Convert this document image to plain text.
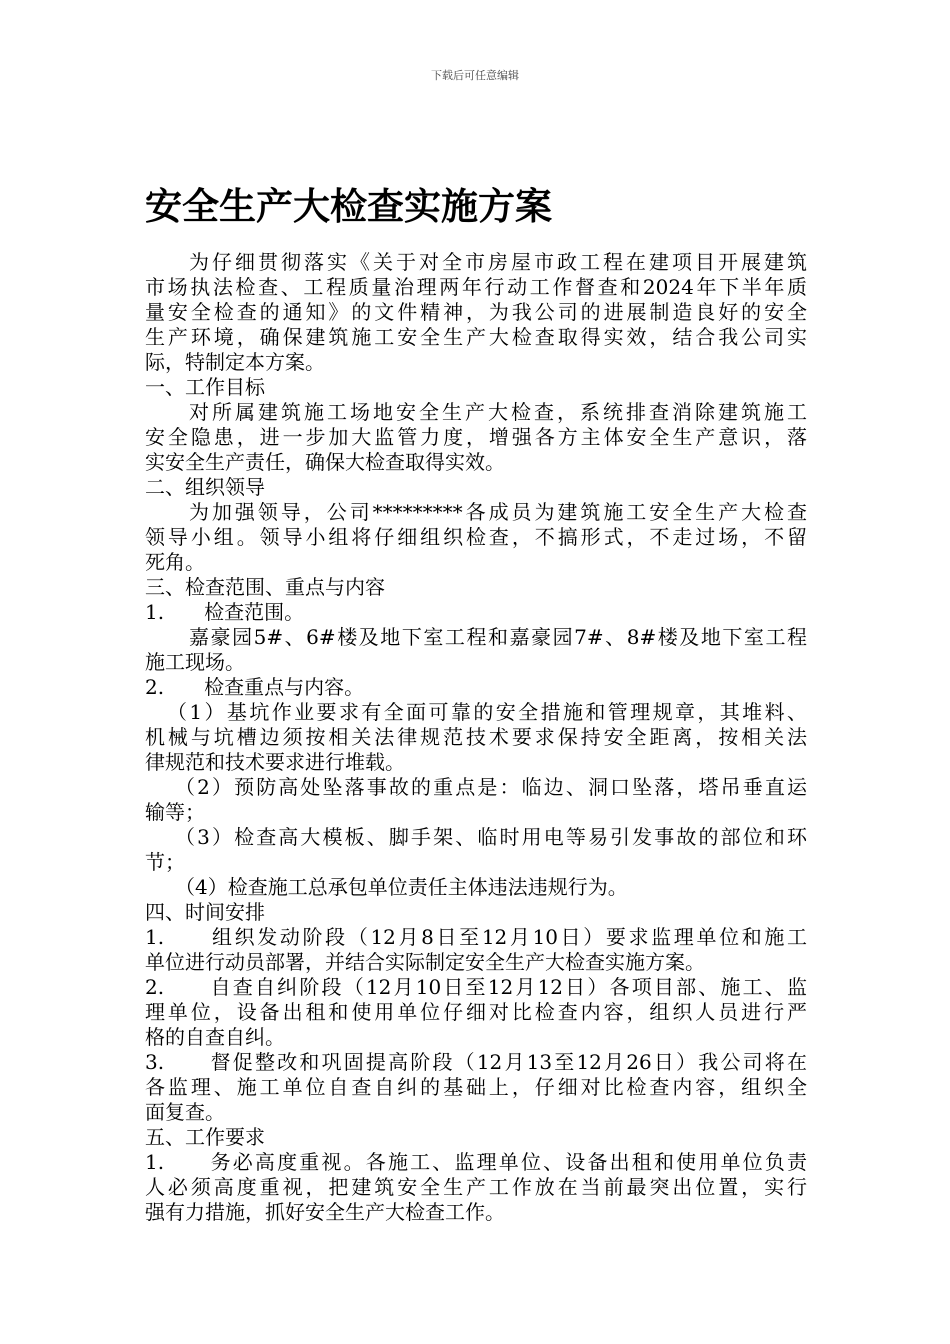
下载后可任意编辑
安全生产大检查实施方案
为仔细贯彻落实《关于对全市房屋市政工程在建项目开展建筑
市场执法检查、工程质量治理两年行动工作督查和2024年下半年质
量安全检查的通知》的文件精神，为我公司的进展制造良好的安全
生产环境，确保建筑施工安全生产大检查取得实效，结合我公司实
际，特制定本方案。
一、工作目标
对所属建筑施工场地安全生产大检查，系统排查消除建筑施工
安全隐患，进一步加大监管力度，增强各方主体安全生产意识，落
实安全生产责任，确保大检查取得实效。
二、组织领导
为加强领导，公司*********各成员为建筑施工安全生产大检查
领导小组。领导小组将仔细组织检查，不搞形式，不走过场，不留
死角。
三、检查范围、重点与内容
1.　　检查范围。
嘉豪园5#、6#楼及地下室工程和嘉豪园7#、8#楼及地下室工程
施工现场。
2.　　检查重点与内容。
（1）基坑作业要求有全面可靠的安全措施和管理规章，其堆料、
机械与坑槽边须按相关法律规范技术要求保持安全距离，按相关法
律规范和技术要求进行堆载。
（2）预防高处坠落事故的重点是：临边、洞口坠落，塔吊垂直运
输等；
（3）检查高大模板、脚手架、临时用电等易引发事故的部位和环
节；
（4）检查施工总承包单位责任主体违法违规行为。
四、时间安排
1.　　组织发动阶段（12月8日至12月10日）要求监理单位和施工
单位进行动员部署，并结合实际制定安全生产大检查实施方案。
2.　　自查自纠阶段（12月10日至12月12日）各项目部、施工、监
理单位，设备出租和使用单位仔细对比检查内容，组织人员进行严
格的自查自纠。
3.　　督促整改和巩固提高阶段（12月13至12月26日）我公司将在
各监理、施工单位自查自纠的基础上，仔细对比检查内容，组织全
面复查。
五、工作要求
1.　　务必高度重视。各施工、监理单位、设备出租和使用单位负责
人必须高度重视，把建筑安全生产工作放在当前最突出位置，实行
强有力措施，抓好安全生产大检查工作。
